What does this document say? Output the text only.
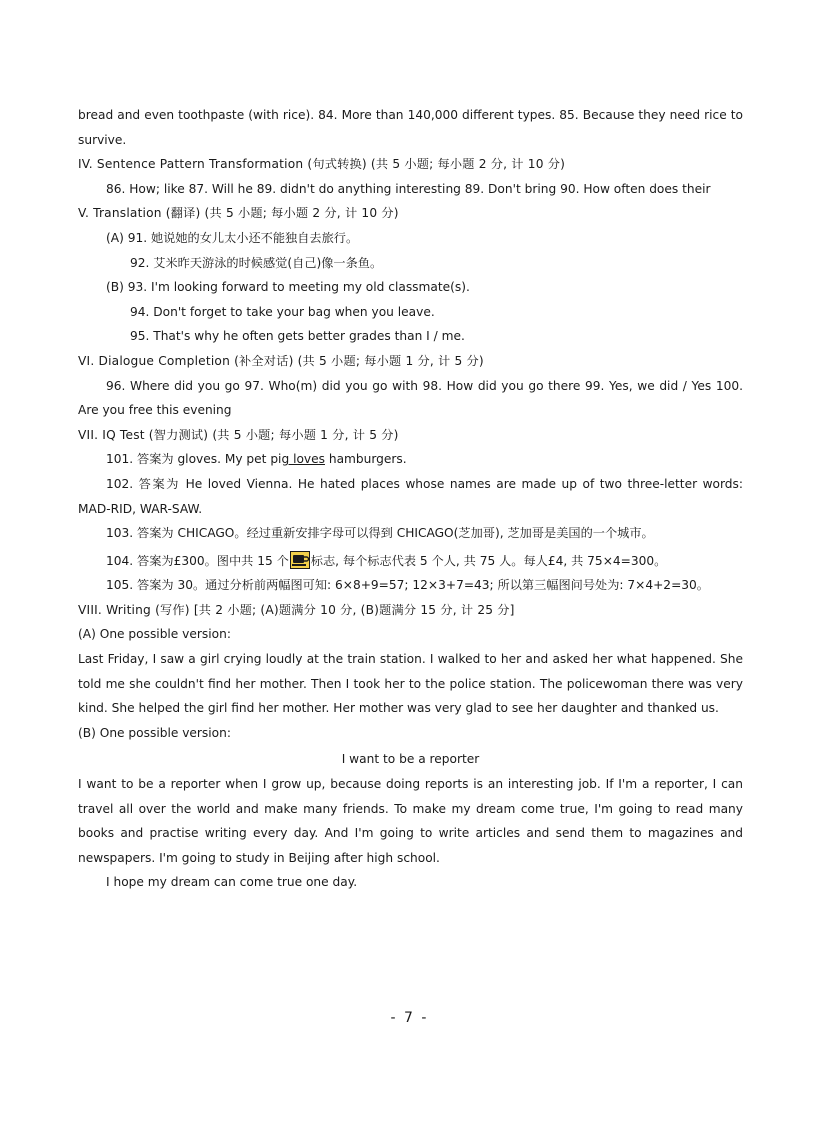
bread and even toothpaste (with rice). 84. More than 140,000 different types. 85. Because they need rice to survive.
IV. Sentence Pattern Transformation (句式转换) (共 5 小题; 每小题 2 分, 计 10 分)
86. How; like 87. Will he 89. didn't do anything interesting 89. Don't bring 90. How often does their
V. Translation (翻译) (共 5 小题; 每小题 2 分, 计 10 分)
(A) 91. 她说她的女儿太小还不能独自去旅行。
92. 艾米昨天游泳的时候感觉(自己)像一条鱼。
(B) 93. I'm looking forward to meeting my old classmate(s).
94. Don't forget to take your bag when you leave.
95. That's why he often gets better grades than I / me.
VI. Dialogue Completion (补全对话) (共 5 小题; 每小题 1 分, 计 5 分)
96. Where did you go 97. Who(m) did you go with 98. How did you go there 99. Yes, we did / Yes 100. Are you free this evening
VII. IQ Test (智力测试) (共 5 小题; 每小题 1 分, 计 5 分)
101. 答案为 gloves. My pet pig loves hamburgers.
102. 答案为 He loved Vienna. He hated places whose names are made up of two three-letter words: MAD-RID, WAR-SAW.
103. 答案为 CHICAGO。经过重新安排字母可以得到 CHICAGO(芝加哥), 芝加哥是美国的一个城市。
104. 答案为£300。图中共 15 个 标志, 每个标志代表 5 个人, 共 75 人。每人£4, 共 75×4=300。
105. 答案为 30。通过分析前两幅图可知: 6×8+9=57; 12×3+7=43; 所以第三幅图问号处为: 7×4+2=30。
VIII. Writing (写作) [共 2 小题; (A)题满分 10 分, (B)题满分 15 分, 计 25 分]
(A) One possible version:
Last Friday, I saw a girl crying loudly at the train station. I walked to her and asked her what happened. She told me she couldn't find her mother. Then I took her to the police station. The policewoman there was very kind. She helped the girl find her mother. Her mother was very glad to see her daughter and thanked us.
(B) One possible version:
I want to be a reporter
I want to be a reporter when I grow up, because doing reports is an interesting job. If I'm a reporter, I can travel all over the world and make many friends. To make my dream come true, I'm going to read many books and practise writing every day. And I'm going to write articles and send them to magazines and newspapers. I'm going to study in Beijing after high school.
I hope my dream can come true one day.
- 7 -
